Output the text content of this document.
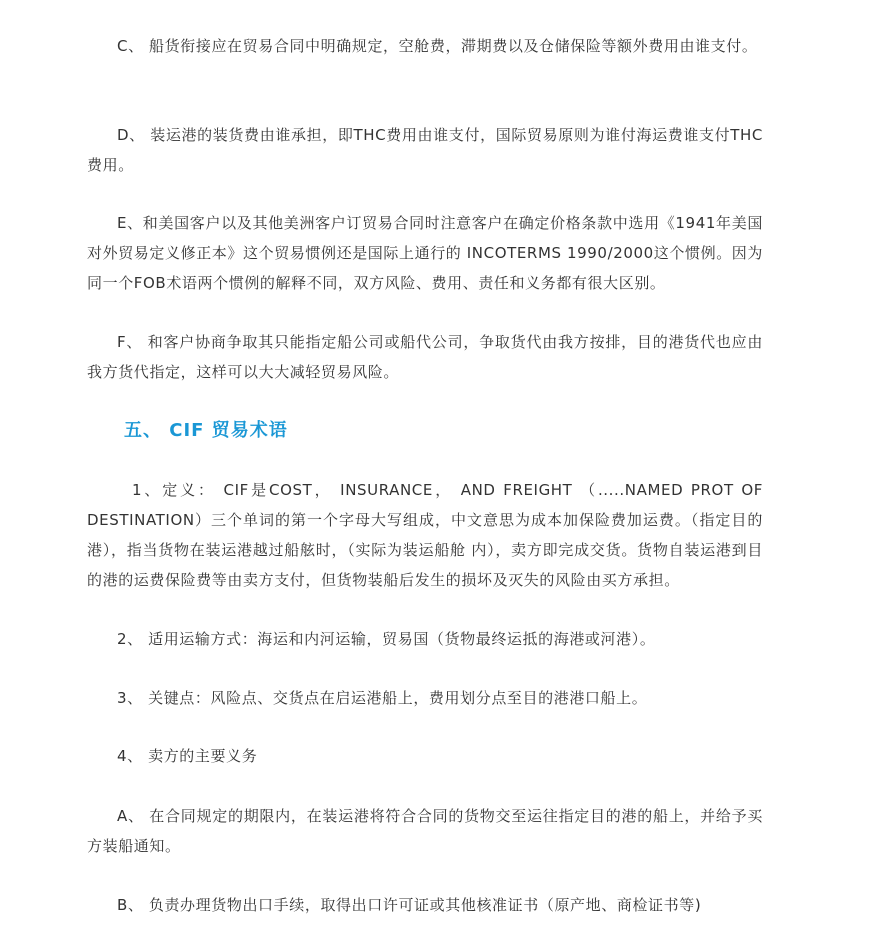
C、 船货衔接应在贸易合同中明确规定，空舱费，滞期费以及仓储保险等额外费用由谁支付。

D、 装运港的装货费由谁承担，即THC费用由谁支付，国际贸易原则为谁付海运费谁支付THC费用。

E、和美国客户以及其他美洲客户订贸易合同时注意客户在确定价格条款中选用《1941年美国对外贸易定义修正本》这个贸易惯例还是国际上通行的 INCOTERMS 1990/2000这个惯例。因为同一个FOB术语两个惯例的解释不同，双方风险、费用、责任和义务都有很大区别。

F、 和客户协商争取其只能指定船公司或船代公司，争取货代由我方按排，目的港货代也应由我方货代指定，这样可以大大减轻贸易风险。

五、 CIF 贸易术语

1、定义： CIF是COST， INSURANCE， AND FREIGHT （.....NAMED PROT OF DESTINATION）三个单词的第一个字母大写组成，中文意思为成本加保险费加运费。（指定目的港），指当货物在装运港越过船舷时，（实际为装运船舱 内），卖方即完成交货。货物自装运港到目的港的运费保险费等由卖方支付，但货物装船后发生的损坏及灭失的风险由买方承担。

2、 适用运输方式：海运和内河运输，贸易国（货物最终运抵的海港或河港）。

3、 关键点：风险点、交货点在启运港船上，费用划分点至目的港港口船上。

4、 卖方的主要义务

A、 在合同规定的期限内，在装运港将符合合同的货物交至运往指定目的港的船上，并给予买方装船通知。

B、 负责办理货物出口手续，取得出口许可证或其他核准证书（原产地、商检证书等)
